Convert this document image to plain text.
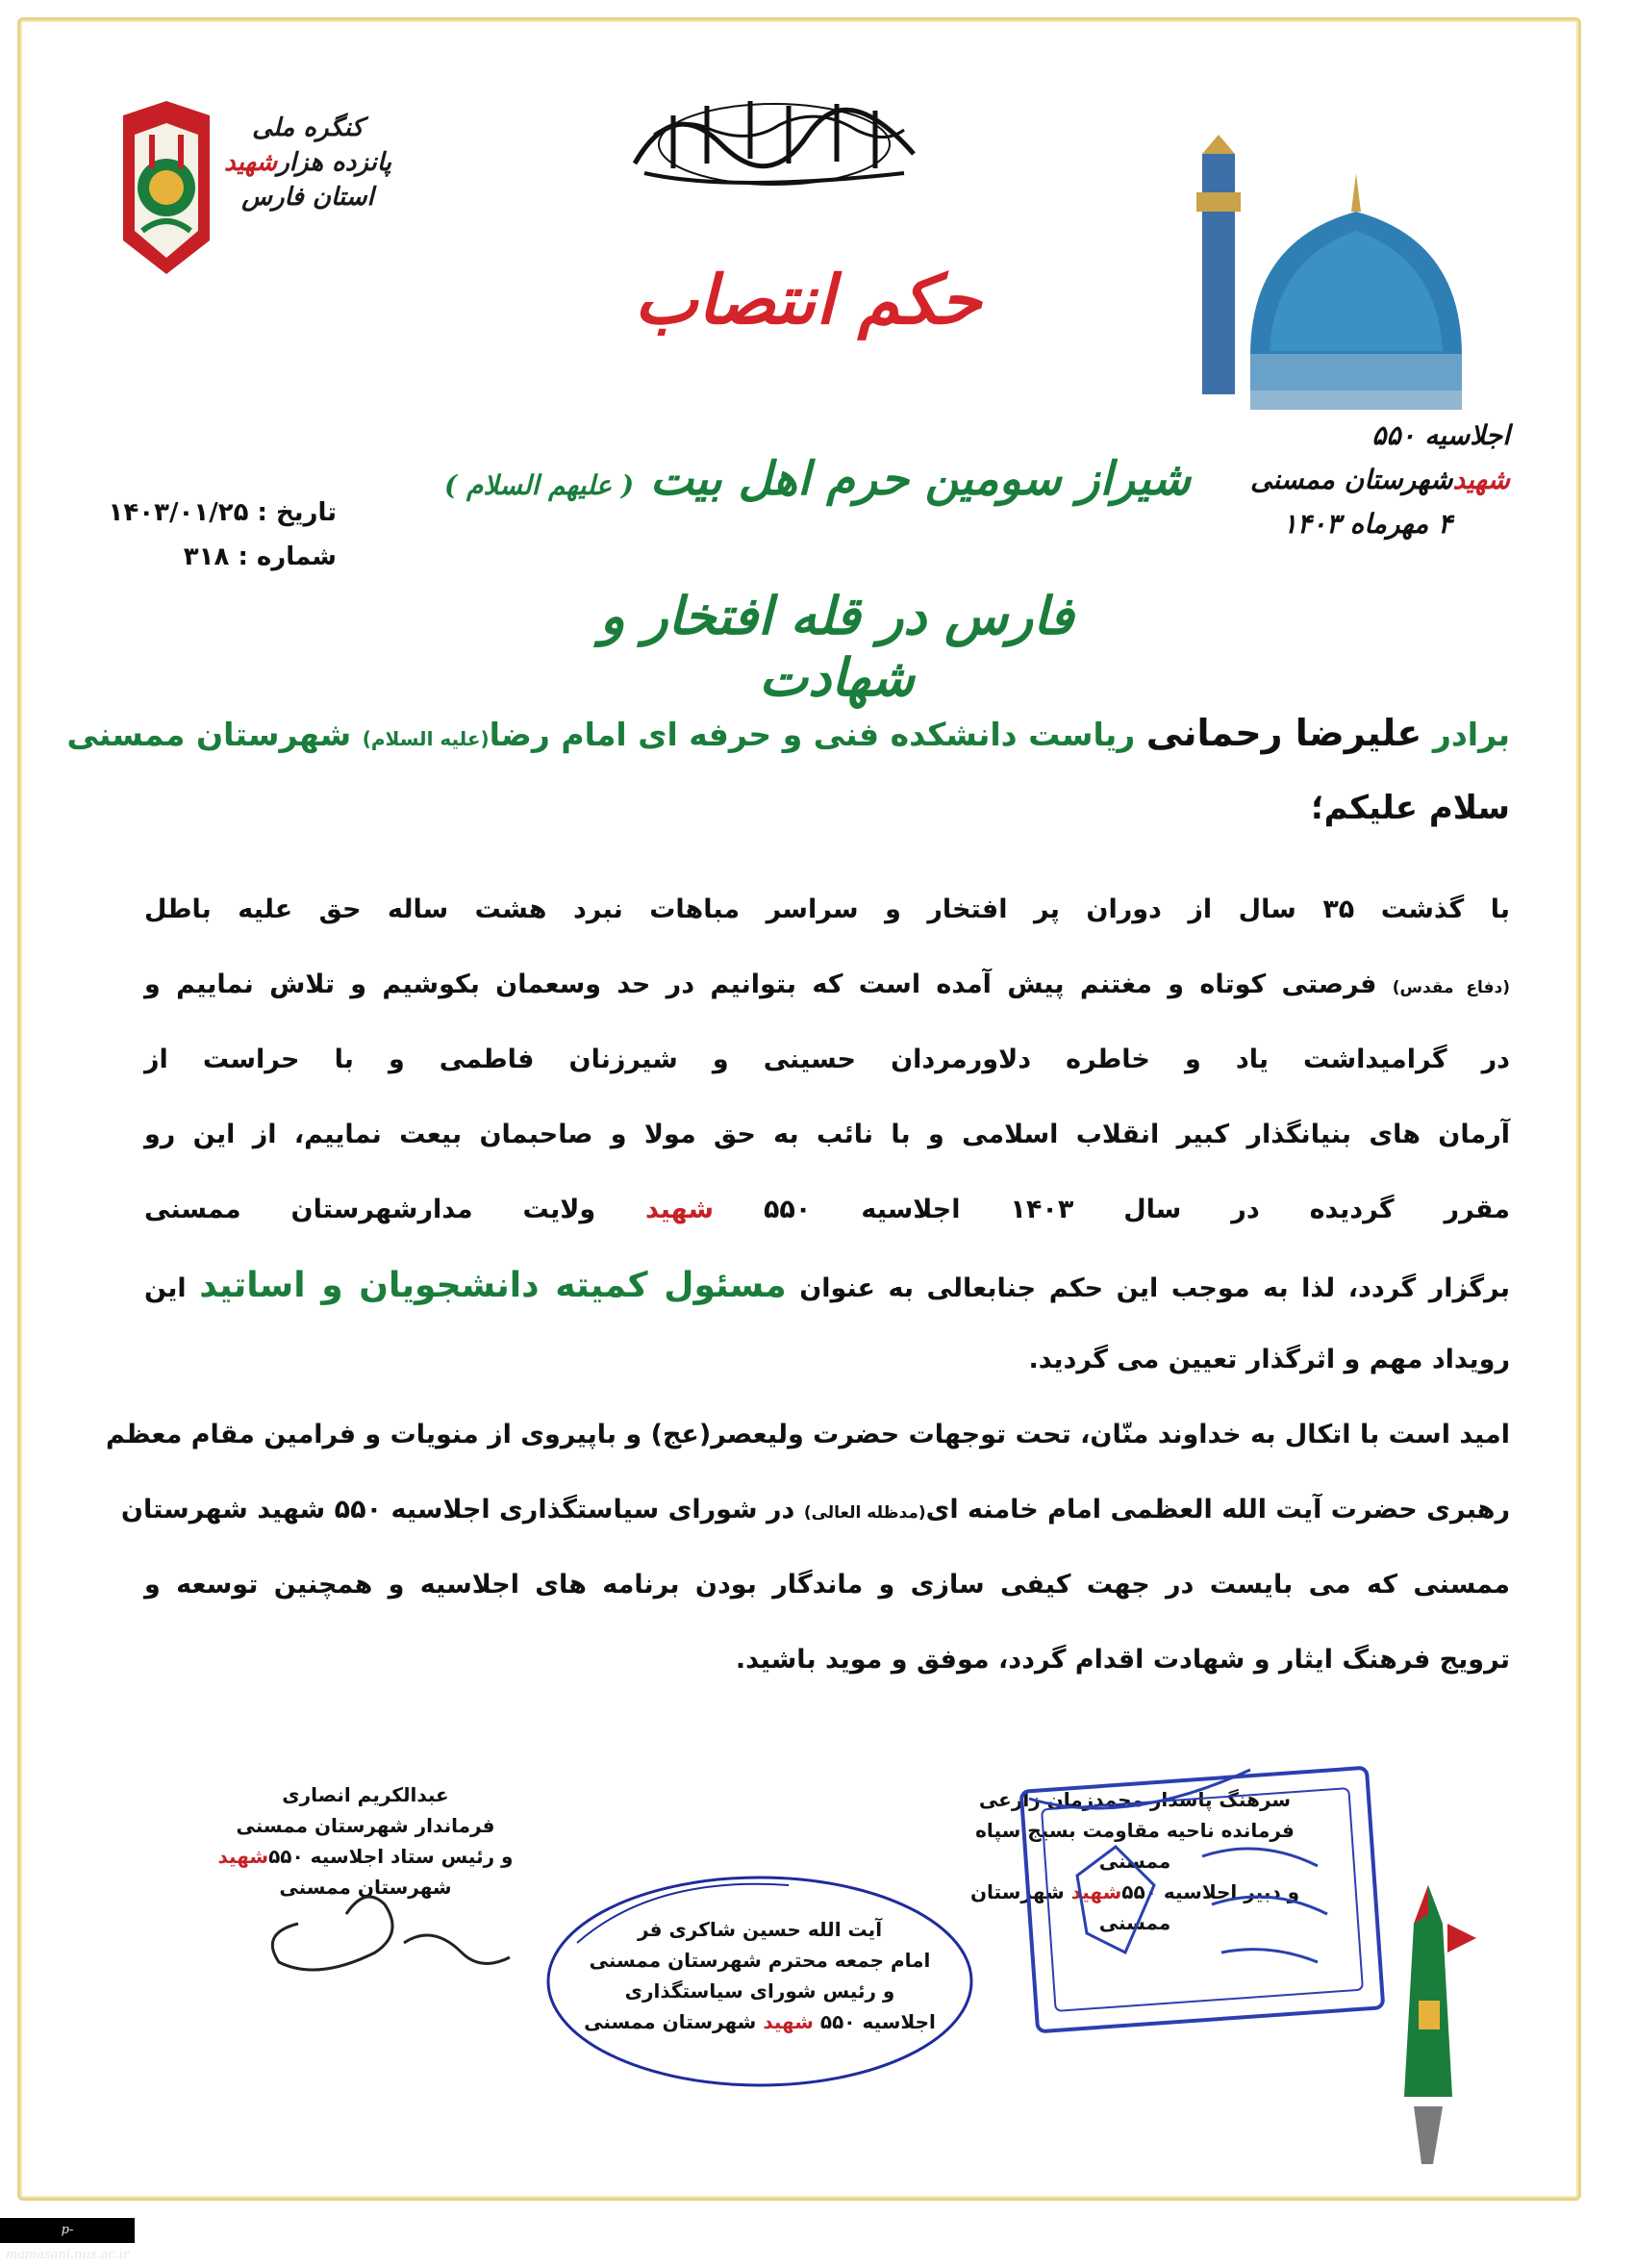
کنگره ملی
پانزده هزارشهید
استان فارس
حکم انتصاب
اجلاسیه ۵۵۰ شهیدشهرستان ممسنی
۴ مهرماه ۱۴۰۳
شیراز سومین حرم اهل بیت ( علیهم السلام )
تاریخ : ۱۴۰۳/۰۱/۲۵
شماره : ۳۱۸
فارس در قله افتخار و شهادت
برادر علیرضا رحمانی ریاست دانشکده فنی و حرفه ای امام رضا(علیه السلام) شهرستان ممسنی
سلام علیکم؛
با گذشت ۳۵ سال از دوران پر افتخار و سراسر مباهات نبرد هشت ساله حق علیه باطل
(دفاع مقدس) فرصتی کوتاه و مغتنم پیش آمده است که بتوانیم در حد وسعمان بکوشیم و تلاش نماییم و
در گرامیداشت یاد و خاطره دلاورمردان حسینی و شیرزنان فاطمی و با حراست از
آرمان های بنیانگذار کبیر انقلاب اسلامی و با نائب به حق مولا و صاحبمان بیعت نماییم، از این رو
مقرر گردیده در سال ۱۴۰۳ اجلاسیه ۵۵۰ شهید ولایت مدارشهرستان ممسنی
برگزار گردد، لذا به موجب این حکم جنابعالی به عنوان مسئول کمیته دانشجویان و اساتید این
رویداد مهم و اثرگذار تعیین می گردید.
امید است با اتکال به خداوند منّان، تحت توجهات حضرت ولیعصر(عج) و باپیروی از منویات و فرامین مقام معظم
رهبری حضرت آیت الله العظمی امام خامنه ای(مدظله العالی) در شورای سیاستگذاری اجلاسیه ۵۵۰ شهید شهرستان
ممسنی که می بایست در جهت کیفی سازی و ماندگار بودن برنامه های اجلاسیه و همچنین توسعه و
ترویج فرهنگ ایثار و شهادت اقدام گردد، موفق و موید باشید.
عبدالکریم انصاری
فرماندار شهرستان ممسنی
و رئیس ستاد اجلاسیه ۵۵۰شهید شهرستان ممسنی
آیت الله حسین شاکری فر
امام جمعه محترم شهرستان ممسنی
و رئیس شورای سیاستگذاری
اجلاسیه ۵۵۰ شهید شهرستان ممسنی
سرهنگ پاسدار محمدزمان زارعی
فرمانده ناحیه مقاومت بسیج سپاه ممسنی
و دبیر اجلاسیه ۵۵۰شهید شهرستان ممسنی
p-mamasani.nus.ac.ir
